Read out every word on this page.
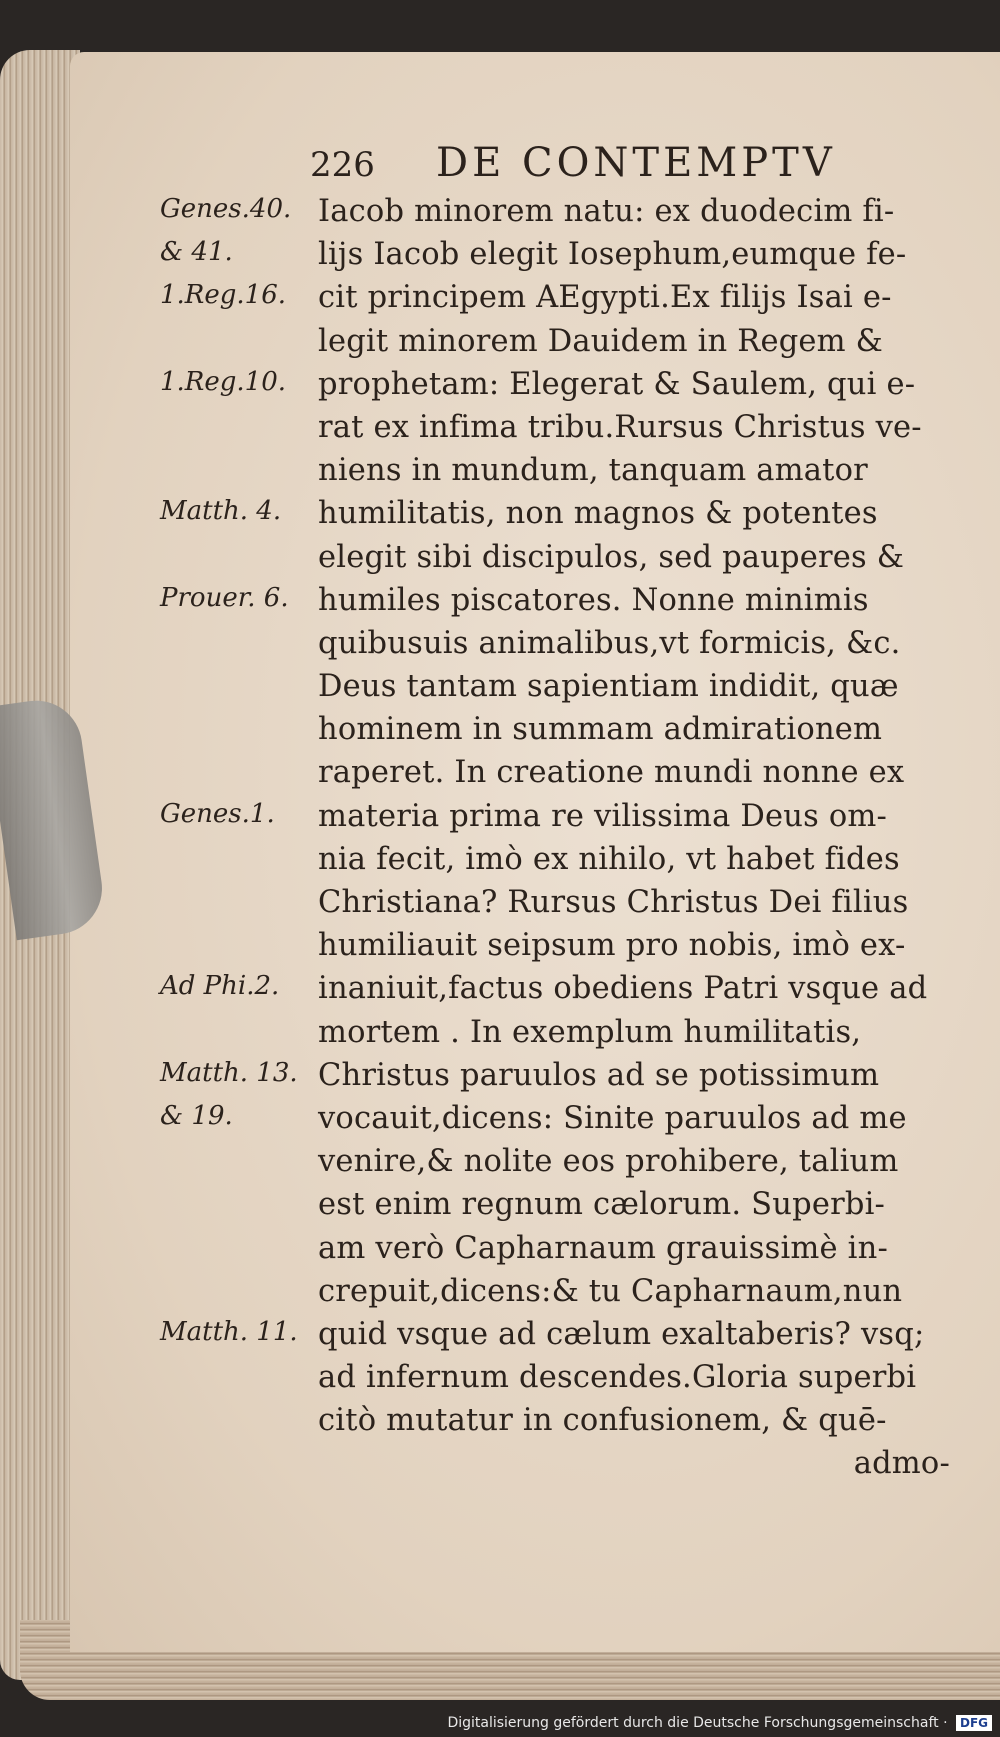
226 DE CONTEMPTV
Genes.40. Iacob minorem natu: ex duodecim fi-
& 41.	lijs Iacob elegit Iosephum,eumque fe-
1.Reg.16.	cit principem AEgypti.Ex filijs Isai e-
legit minorem Dauidem in Regem &
1.Reg.10.	prophetam: Elegerat & Saulem, qui e-
rat ex infima tribu.Rursus Christus ve-
niens in mundum, tanquam amator
Matth. 4.	humilitatis, non magnos & potentes
elegit sibi discipulos, sed pauperes &
Prouer. 6. humiles piscatores. Nonne minimis
quibusuis animalibus,vt formicis, &c.
Deus tantam sapientiam indidit, quæ
hominem in summam admirationem
raperet. In creatione mundi nonne ex
Genes.1.	materia prima re vilissima Deus om-
nia fecit, imò ex nihilo, vt habet fides
Christiana? Rursus Christus Dei filius
humiliauit seipsum pro nobis, imò ex-
Ad Phi.2.	inaniuit,factus obediens Patri vsque ad
mortem . In exemplum humilitatis,
Matth. 13. Christus paruulos ad se potissimum
& 19.	vocauit,dicens: Sinite paruulos ad me
venire,& nolite eos prohibere, talium
est enim regnum cælorum. Superbi-
am verò Capharnaum grauissimè in-
crepuit,dicens:& tu Capharnaum,nun
Matth. 11. quid vsque ad cælum exaltaberis? vsq;
ad infernum descendes.Gloria superbi
citò mutatur in confusionem, & quē-
admo-
Digitalisierung gefördert durch die Deutsche Forschungsgemeinschaft · DFG
